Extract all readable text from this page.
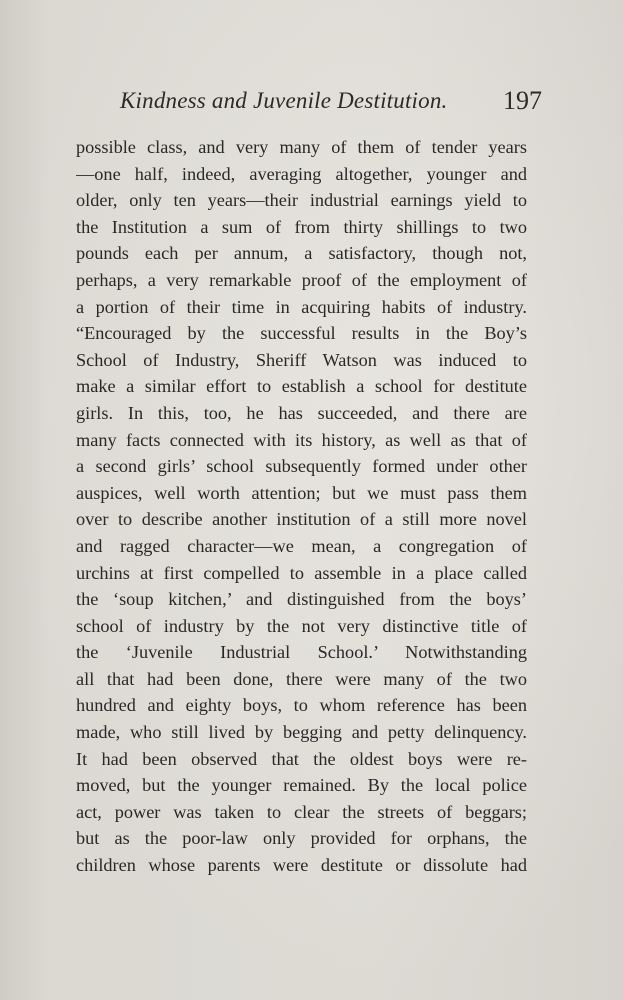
Kindness and Juvenile Destitution. 197
possible class, and very many of them of tender years
—one half, indeed, averaging altogether, younger and
older, only ten years—their industrial earnings yield to
the Institution a sum of from thirty shillings to two
pounds each per annum, a satisfactory, though not,
perhaps, a very remarkable proof of the employment of
a portion of their time in acquiring habits of industry.
“Encouraged by the successful results in the Boy’s
School of Industry, Sheriff Watson was induced to
make a similar effort to establish a school for destitute
girls. In this, too, he has succeeded, and there are
many facts connected with its history, as well as that of
a second girls’ school subsequently formed under other
auspices, well worth attention; but we must pass them
over to describe another institution of a still more novel
and ragged character—we mean, a congregation of
urchins at first compelled to assemble in a place called
the ‘soup kitchen,’ and distinguished from the boys’
school of industry by the not very distinctive title of
the ‘Juvenile Industrial School.’ Notwithstanding
all that had been done, there were many of the two
hundred and eighty boys, to whom reference has been
made, who still lived by begging and petty delinquency.
It had been observed that the oldest boys were re-
moved, but the younger remained. By the local police
act, power was taken to clear the streets of beggars;
but as the poor-law only provided for orphans, the
children whose parents were destitute or dissolute had
